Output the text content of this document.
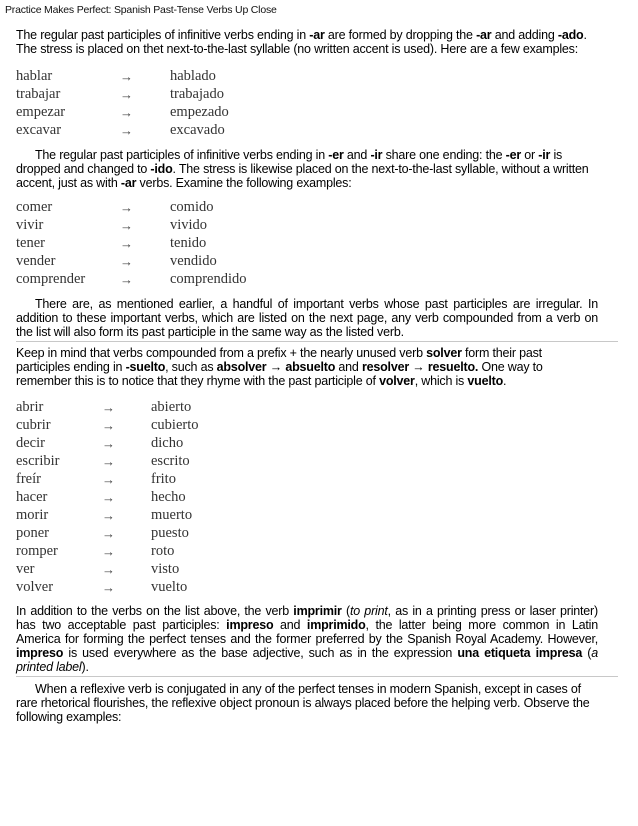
Practice Makes Perfect: Spanish Past-Tense Verbs Up Close

The regular past participles of infinitive verbs ending in -ar are formed by dropping the -ar and adding -ado. The stress is placed on thet next-to-the-last syllable (no written accent is used). Here are a few examples:

hablar	→	hablado
trabajar	→	trabajado
empezar	→	empezado
excavar	→	excavado

The regular past participles of infinitive verbs ending in -er and -ir share one ending: the -er or -ir is dropped and changed to -ido. The stress is likewise placed on the next-to-the-last syllable, without a written accent, just as with -ar verbs. Examine the following examples:

comer	→	comido
vivir	→	vivido
tener	→	tenido
vender	→	vendido
comprender	→	comprendido

There are, as mentioned earlier, a handful of important verbs whose past participles are irregular. In addition to these important verbs, which are listed on the next page, any verb compounded from a verb on the list will also form its past participle in the same way as the listed verb.

Keep in mind that verbs compounded from a prefix + the nearly unused verb solver form their past participles ending in -suelto, such as absolver → absuelto and resolver → resuelto. One way to remember this is to notice that they rhyme with the past participle of volver, which is vuelto.

abrir	→ abierto
cubrir	→ cubierto
decir	→ dicho
escribir	→ escrito
freír	→ frito
hacer	→ hecho
morir	→ muerto
poner	→ puesto
romper	→ roto
ver	→ visto
volver	→ vuelto

In addition to the verbs on the list above, the verb imprimir (to print, as in a printing press or laser printer) has two acceptable past participles: impreso and imprimido, the latter being more common in Latin America for forming the perfect tenses and the former preferred by the Spanish Royal Academy. However, impreso is used everywhere as the base adjective, such as in the expression una etiqueta impresa (a printed label).

When a reflexive verb is conjugated in any of the perfect tenses in modern Spanish, except in cases of rare rhetorical flourishes, the reflexive object pronoun is always placed before the helping verb. Observe the following examples:
